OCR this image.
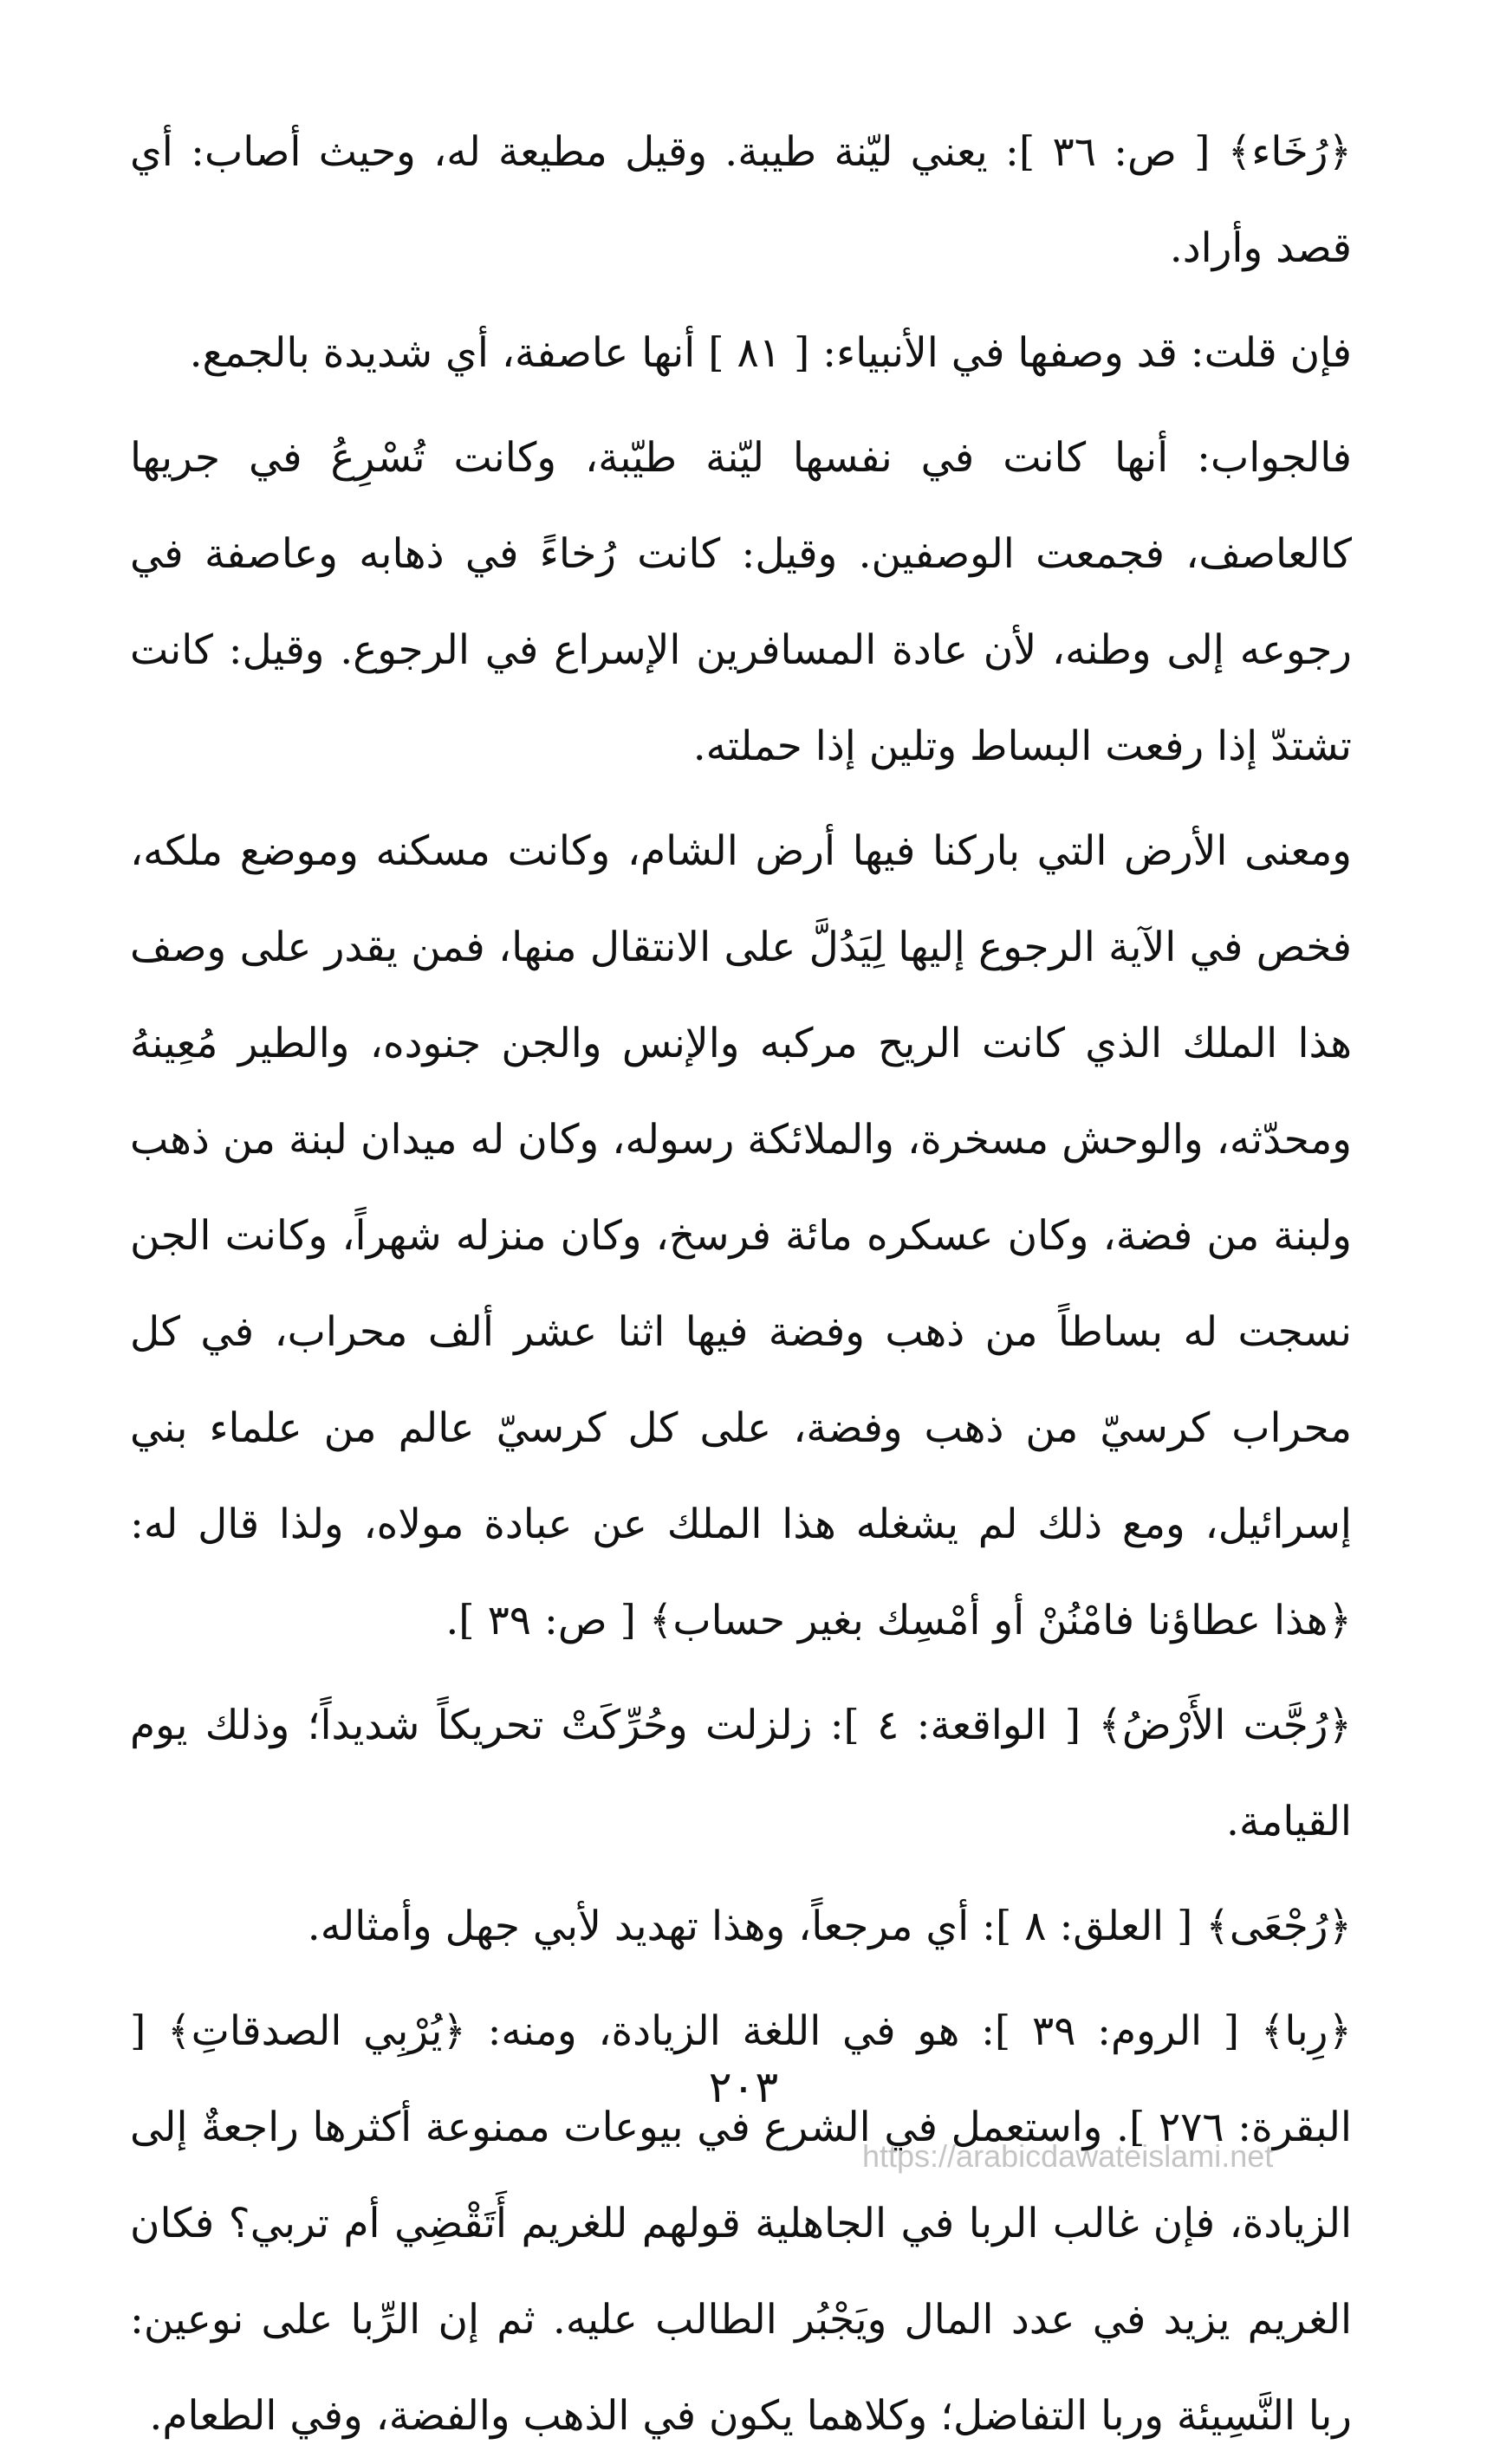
﴿رُخَاء﴾ [ ص: ٣٦ ]: يعني ليّنة طيبة. وقيل مطيعة له، وحيث أصاب: أي قصد وأراد.

فإن قلت: قد وصفها في الأنبياء: [ ٨١ ] أنها عاصفة، أي شديدة بالجمع.

فالجواب: أنها كانت في نفسها ليّنة طيّبة، وكانت تُسْرِعُ في جريها كالعاصف، فجمعت الوصفين. وقيل: كانت رُخاءً في ذهابه وعاصفة في رجوعه إلى وطنه، لأن عادة المسافرين الإسراع في الرجوع. وقيل: كانت تشتدّ إذا رفعت البساط وتلين إذا حملته.

ومعنى الأرض التي باركنا فيها أرض الشام، وكانت مسكنه وموضع ملكه، فخص في الآية الرجوع إليها لِيَدُلَّ على الانتقال منها، فمن يقدر على وصف هذا الملك الذي كانت الريح مركبه والإنس والجن جنوده، والطير مُعِينهُ ومحدّثه، والوحش مسخرة، والملائكة رسوله، وكان له ميدان لبنة من ذهب ولبنة من فضة، وكان عسكره مائة فرسخ، وكان منزله شهراً، وكانت الجن نسجت له بساطاً من ذهب وفضة فيها اثنا عشر ألف محراب، في كل محراب كرسيّ من ذهب وفضة، على كل كرسيّ عالم من علماء بني إسرائيل، ومع ذلك لم يشغله هذا الملك عن عبادة مولاه، ولذا قال له: ﴿هذا عطاؤنا فامْنُنْ أو أمْسِك بغير حساب﴾ [ ص: ٣٩ ].

﴿رُجَّت الأَرْضُ﴾ [ الواقعة: ٤ ]: زلزلت وحُرِّكَتْ تحريكاً شديداً؛ وذلك يوم القيامة.

﴿رُجْعَى﴾ [ العلق: ٨ ]: أي مرجعاً، وهذا تهديد لأبي جهل وأمثاله.

﴿رِبا﴾ [ الروم: ٣٩ ]: هو في اللغة الزيادة، ومنه: ﴿يُرْبِي الصدقاتِ﴾ [ البقرة: ٢٧٦ ]. واستعمل في الشرع في بيوعات ممنوعة أكثرها راجعةٌ إلى الزيادة، فإن غالب الربا في الجاهلية قولهم للغريم أَتَقْضِي أم تربي؟ فكان الغريم يزيد في عدد المال ويَجْبُر الطالب عليه. ثم إن الرِّبا على نوعين: ربا النَّسِيئة وربا التفاضل؛ وكلاهما يكون في الذهب والفضة، وفي الطعام.

٢٠٣
https://arabicdawateislami.net
